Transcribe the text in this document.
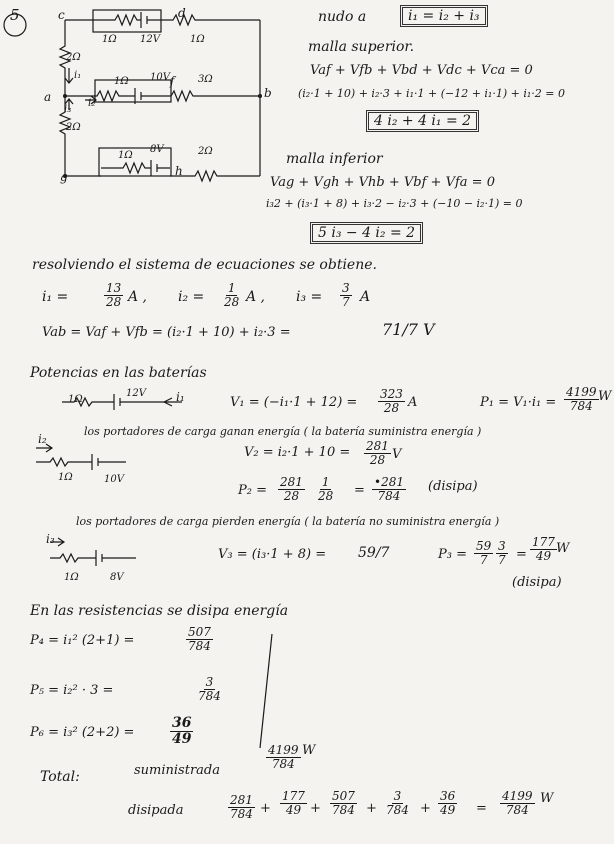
5	c	d
a	b
g	h
1Ω 12V	1Ω
2Ω
i₁
i₃
i₂
2Ω
1Ω 10V f 3Ω
1Ω
8V	2Ω
nudo a	i₁ = i₂ + i₃
malla superior.
Vaf + Vfb + Vbd + Vdc + Vca = 0
(i₂·1 + 10) + i₂·3 + i₁·1 + (−12 + i₁·1) + i₁·2 = 0
4 i₂ + 4 i₁ = 2
malla inferior
Vag + Vgh + Vhb + Vbf + Vfa = 0
i₃2 + (i₃·1 + 8) + i₃·2 − i₂·3 + (−10 − i₂·1) = 0
5 i₃ − 4 i₂ = 2
resolviendo el sistema de ecuaciones se obtiene.
i₁ =	$\frac{13}{28}$ A , $i_2 = \frac{1}{28}$ A , $i_3 = \frac{3}{7}$ A
Vab = Vaf + Vfb = (i₂·1 + 10) + i₂·3 =	71/7 V
Potencias en las baterías
1Ω
12V	i₁	$V_1 = (-i_1\cdot 1 + 12) = \frac{323}{28}$ A	$P_1 = V_1\cdot i_1 = \frac{4199}{784}$ W
los portadores de carga ganan energía ( la batería suministra energía )
i₂
1Ω	10V
$V_2 = i_2\cdot 1 + 10 = \frac{281}{28}$ V
$P_2 = \frac{281}{28} \frac{1}{28} = \frac{•281}{784}$ (disipa)
los portadores de carga pierden energía ( la batería no suministra energía )
i₃
1Ω	8V
V₃ = (i₃·1 + 8) = 59/7	$P_3 = \frac{59}{7} \frac{3}{7} = \frac{177}{49}$ W
(disipa)
En las resistencias se disipa energía
P₄ = i₁² (2+1) =	$\frac{507}{784}$
P₅ = i₂² · 3 =	$\frac{3}{784}$
P₆ = i₃² (2+2) =	$\frac{36}{49}$
Total:	suministrada
$\frac{4199}{784}$ W
disipada	$\frac{281}{784} + \frac{177}{49} + \frac{507}{784} + \frac{3}{784} + \frac{36}{49} = \frac{4199}{784}$ W
